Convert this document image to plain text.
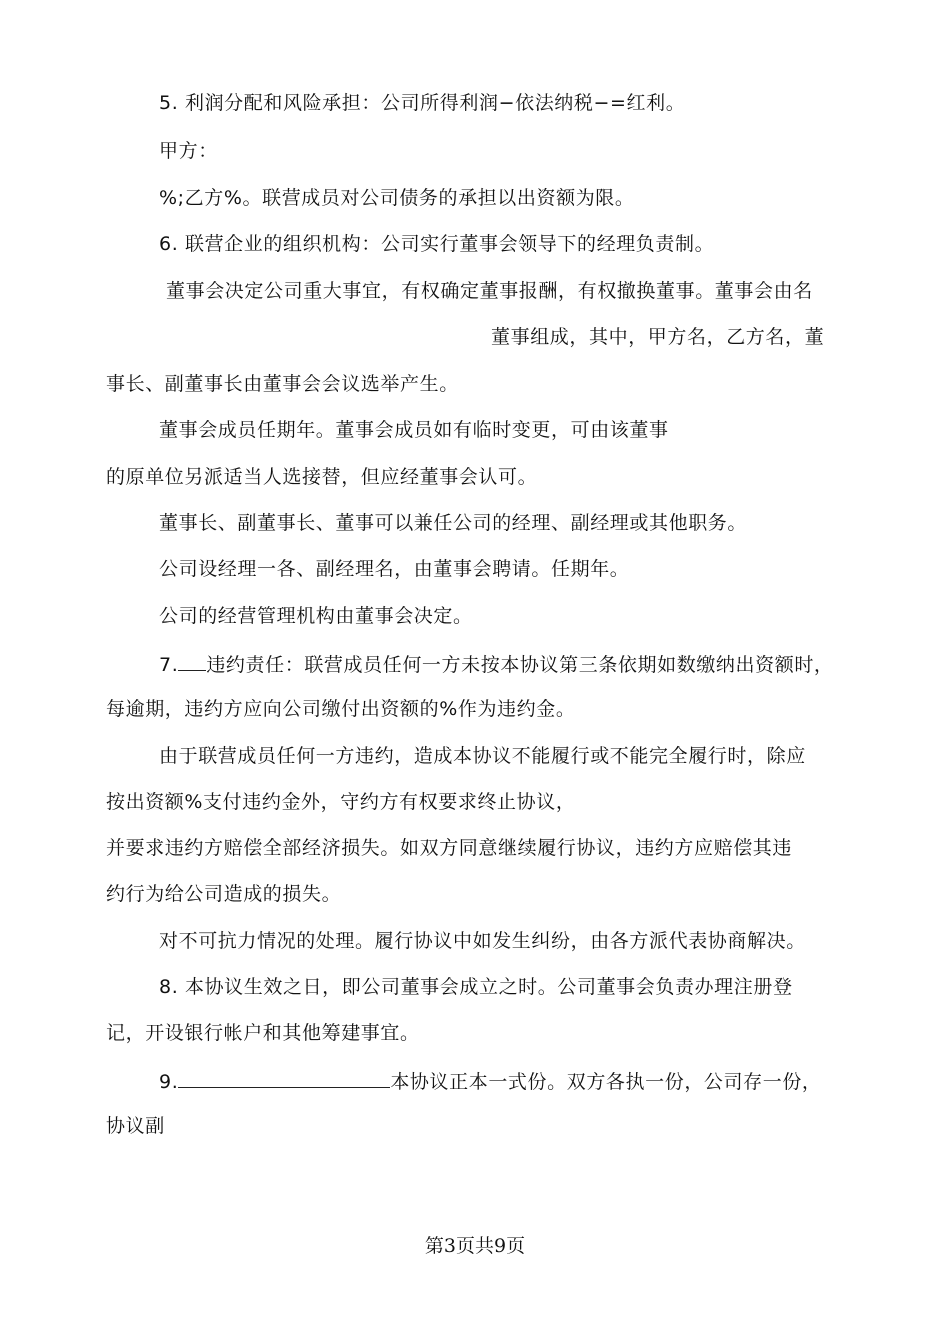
5. 利润分配和风险承担：公司所得利润−依法纳税−=红利。
甲方：
%;乙方%。联营成员对公司债务的承担以出资额为限。
6. 联营企业的组织机构：公司实行董事会领导下的经理负责制。
董事会决定公司重大事宜，有权确定董事报酬，有权撤换董事。董事会由名
董事组成，其中，甲方名，乙方名，董
事长、副董事长由董事会会议选举产生。
董事会成员任期年。董事会成员如有临时变更，可由该董事
的原单位另派适当人选接替，但应经董事会认可。
董事长、副董事长、董事可以兼任公司的经理、副经理或其他职务。
公司设经理一各、副经理名，由董事会聘请。任期年。
公司的经营管理机构由董事会决定。
7. 违约责任：联营成员任何一方未按本协议第三条依期如数缴纳出资额时，
每逾期，违约方应向公司缴付出资额的%作为违约金。
由于联营成员任何一方违约，造成本协议不能履行或不能完全履行时，除应
按出资额%支付违约金外，守约方有权要求终止协议，
并要求违约方赔偿全部经济损失。如双方同意继续履行协议，违约方应赔偿其违
约行为给公司造成的损失。
对不可抗力情况的处理。履行协议中如发生纠纷，由各方派代表协商解决。
8. 本协议生效之日，即公司董事会成立之时。公司董事会负责办理注册登
记，开设银行帐户和其他筹建事宜。
9.	本协议正本一式份。双方各执一份，公司存一份，
协议副
第3页共9页
